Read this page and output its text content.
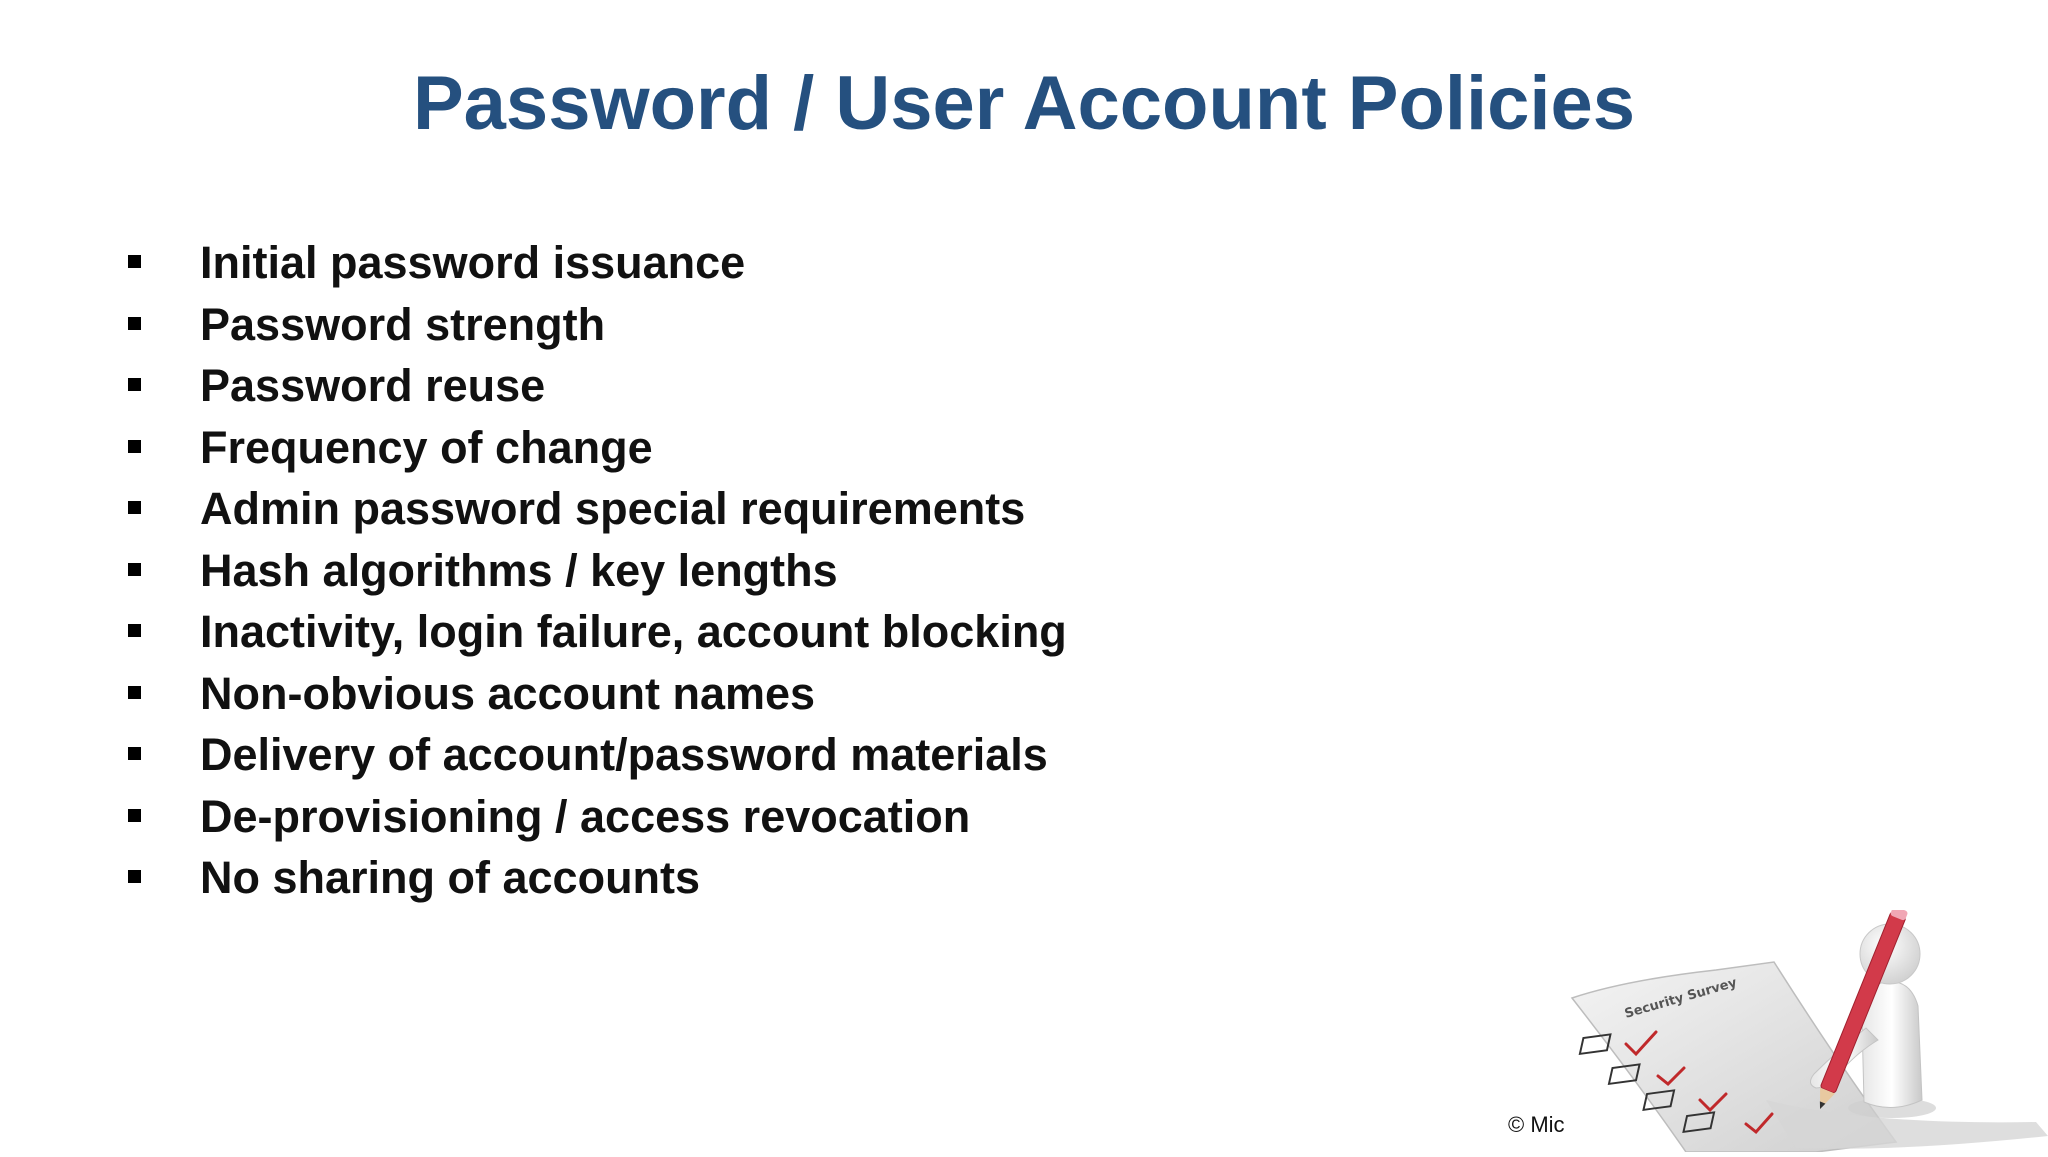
Password / User Account Policies
Initial password issuance
Password strength
Password reuse
Frequency of change
Admin password special requirements
Hash algorithms / key lengths
Inactivity, login failure, account blocking
Non-obvious account names
Delivery of account/password materials
De-provisioning / access revocation
No sharing of accounts
Security Survey
© Mic
